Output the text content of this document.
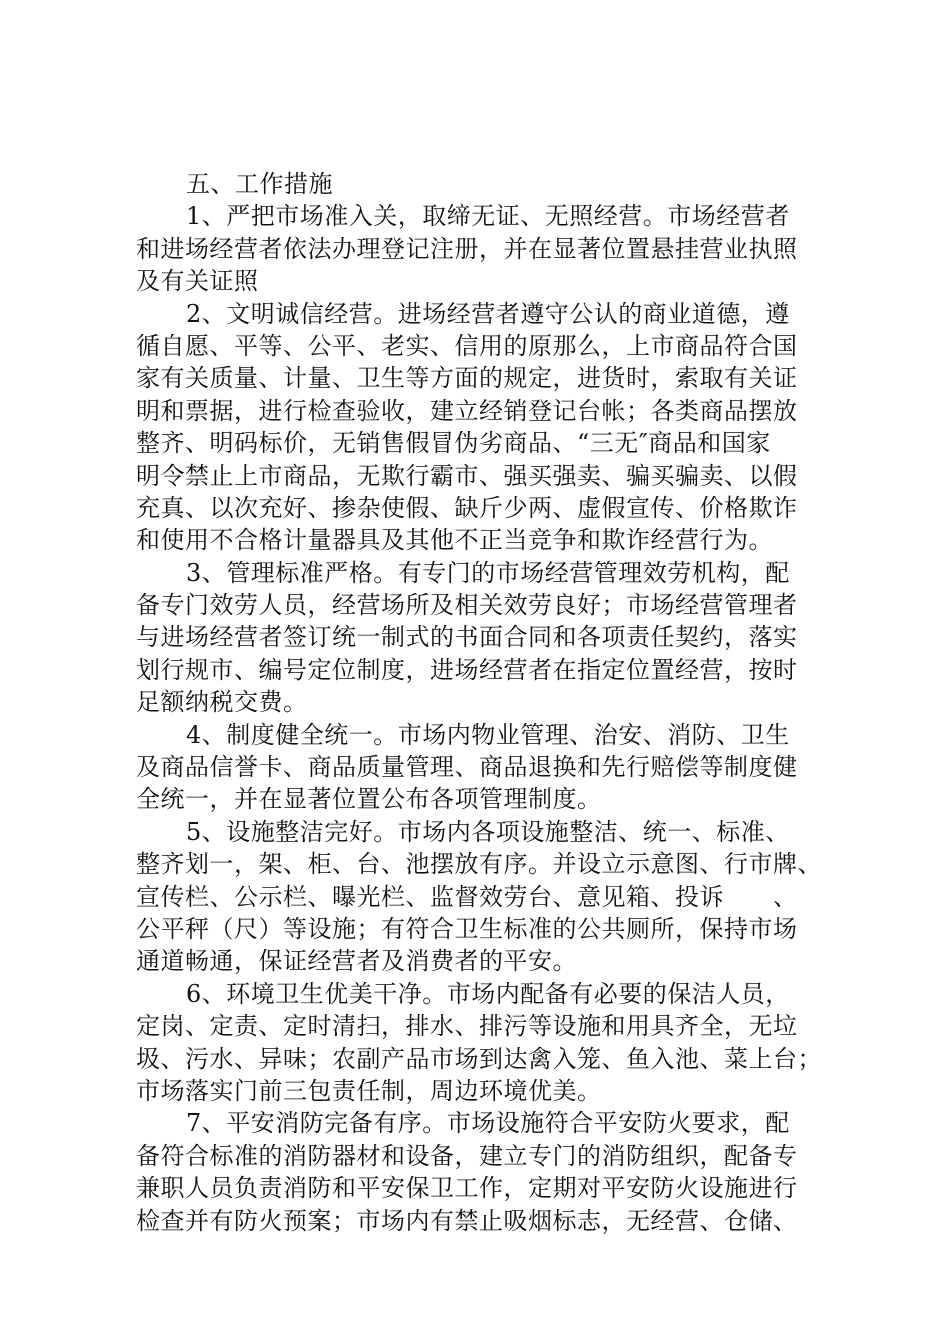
五、工作措施
1、严把市场准入关，取缔无证、无照经营。市场经营者
和进场经营者依法办理登记注册，并在显著位置悬挂营业执照
及有关证照
2、文明诚信经营。进场经营者遵守公认的商业道德，遵
循自愿、平等、公平、老实、信用的原那么，上市商品符合国
家有关质量、计量、卫生等方面的规定，进货时，索取有关证
明和票据，进行检查验收，建立经销登记台帐；各类商品摆放
整齐、明码标价，无销售假冒伪劣商品、“三无″商品和国家
明令禁止上市商品，无欺行霸市、强买强卖、骗买骗卖、以假
充真、以次充好、掺杂使假、缺斤少两、虚假宣传、价格欺诈
和使用不合格计量器具及其他不正当竞争和欺诈经营行为。
3、管理标准严格。有专门的市场经营管理效劳机构，配
备专门效劳人员，经营场所及相关效劳良好；市场经营管理者
与进场经营者签订统一制式的书面合同和各项责任契约，落实
划行规市、编号定位制度，进场经营者在指定位置经营，按时
足额纳税交费。
4、制度健全统一。市场内物业管理、治安、消防、卫生
及商品信誉卡、商品质量管理、商品退换和先行赔偿等制度健
全统一，并在显著位置公布各项管理制度。
5、设施整洁完好。市场内各项设施整洁、统一、标准、
整齐划一，架、柜、台、池摆放有序。并设立示意图、行市牌、
宣传栏、公示栏、曝光栏、监督效劳台、意见箱、投诉　　、
公平秤（尺）等设施；有符合卫生标准的公共厕所，保持市场
通道畅通，保证经营者及消费者的平安。
6、环境卫生优美干净。市场内配备有必要的保洁人员，
定岗、定责、定时清扫，排水、排污等设施和用具齐全，无垃
圾、污水、异味；农副产品市场到达禽入笼、鱼入池、菜上台；
市场落实门前三包责任制，周边环境优美。
7、平安消防完备有序。市场设施符合平安防火要求，配
备符合标准的消防器材和设备，建立专门的消防组织，配备专
兼职人员负责消防和平安保卫工作，定期对平安防火设施进行
检查并有防火预案；市场内有禁止吸烟标志，无经营、仓储、
